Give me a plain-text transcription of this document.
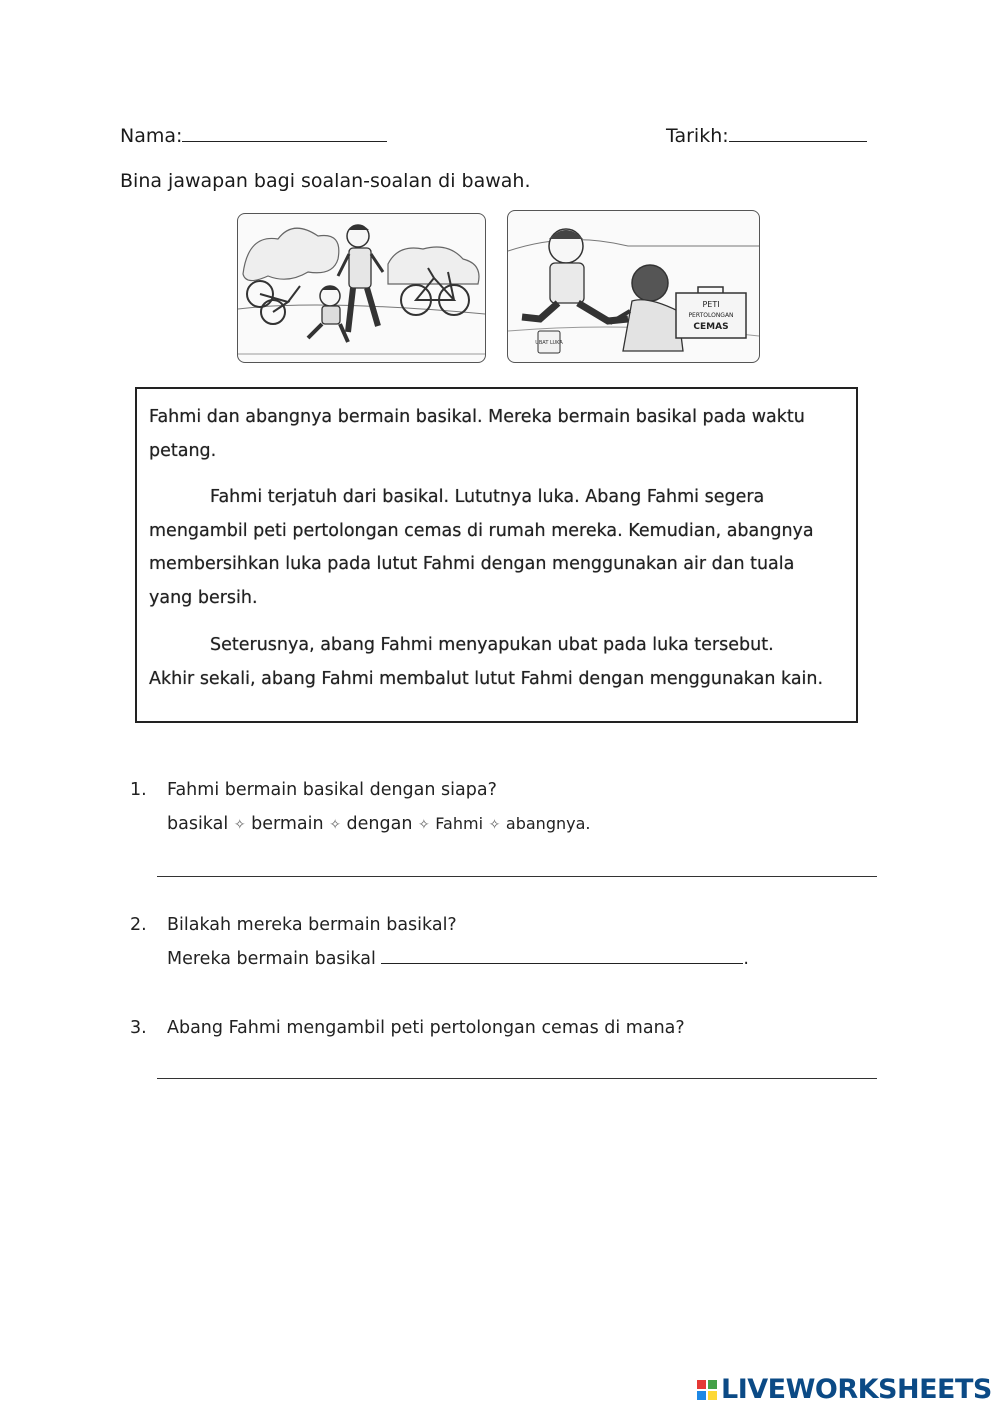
Nama:	Tarikh:
Bina jawapan bagi soalan-soalan di bawah.
UBAT LUKA
PETI
PERTOLONGAN
CEMAS
Fahmi dan abangnya bermain basikal. Mereka bermain basikal pada waktu
petang.
Fahmi terjatuh dari basikal. Lututnya luka. Abang Fahmi segera
mengambil peti pertolongan cemas di rumah mereka. Kemudian, abangnya
membersihkan luka pada lutut Fahmi dengan menggunakan air dan tuala
yang bersih.
Seterusnya, abang Fahmi menyapukan ubat pada luka tersebut.
Akhir sekali, abang Fahmi membalut lutut Fahmi dengan menggunakan kain.
1. Fahmi bermain basikal dengan siapa?
basikal ✧ bermain ✧ dengan ✧ Fahmi ✧ abangnya.
2. Bilakah mereka bermain basikal?
Mereka bermain basikal	.
3. Abang Fahmi mengambil peti pertolongan cemas di mana?
LIVEWORKSHEETS
